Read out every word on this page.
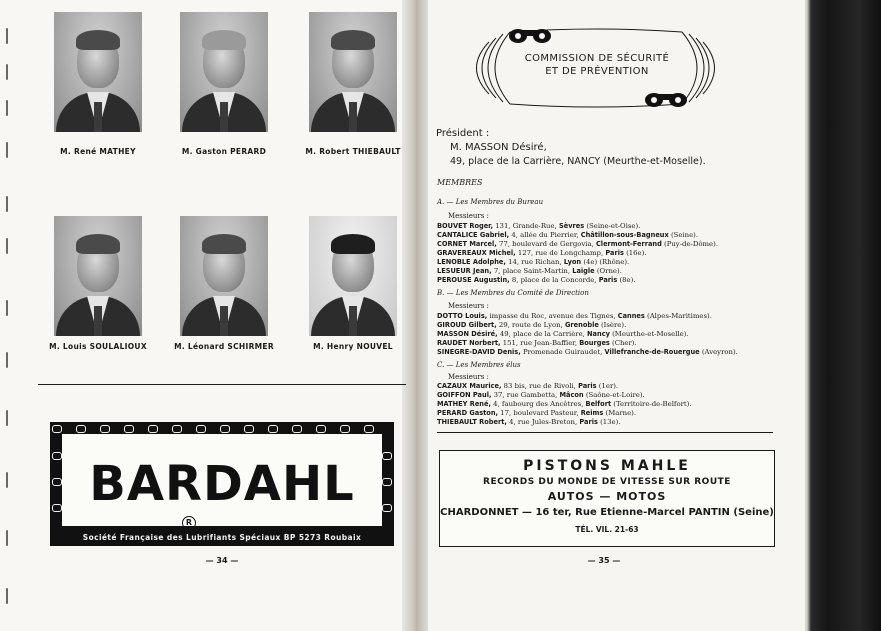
M. René MATHEY	M. Gaston PERARD	M. Robert THIEBAULT
M. Louis SOULALIOUX	M. Léonard SCHIRMER	M. Henry NOUVEL
BARDAHL
R
Société Française des Lubrifiants Spéciaux BP 5273 Roubaix
— 34 —
COMMISSION DE SÉCURITÉ
ET DE PRÉVENTION
Président :
M. MASSON Désiré,
49, place de la Carrière, NANCY (Meurthe-et-Moselle).
MEMBRES
A. — Les Membres du Bureau
Messieurs :
BOUVET Roger, 131, Grande-Rue, Sèvres (Seine-et-Oise).
CANTALICE Gabriel, 4, allée du Pierrier, Châtillon-sous-Bagneux (Seine).
CORNET Marcel, 77, boulevard de Gergovia, Clermont-Ferrand (Puy-de-Dôme).
GRAVEREAUX Michel, 127, rue de Longchamp, Paris (16e).
LENOBLE Adolphe, 14, rue Richan, Lyon (4e) (Rhône).
LESUEUR Jean, 7, place Saint-Martin, Laigle (Orne).
PEROUSE Augustin, 8, place de la Concorde, Paris (8e).
B. — Les Membres du Comité de Direction
Messieurs :
DOTTO Louis, impasse du Roc, avenue des Tignes, Cannes (Alpes-Maritimes).
GIROUD Gilbert, 29, route de Lyon, Grenoble (Isère).
MASSON Désiré, 49, place de la Carrière, Nancy (Meurthe-et-Moselle).
RAUDET Norbert, 151, rue Jean-Baffier, Bourges (Cher).
SINEGRE-DAVID Denis, Promenade Guiraudet, Villefranche-de-Rouergue (Aveyron).
C. — Les Membres élus
Messieurs :
CAZAUX Maurice, 83 bis, rue de Rivoli, Paris (1er).
GOIFFON Paul, 37, rue Gambetta, Mâcon (Saône-et-Loire).
MATHEY René, 4, faubourg des Ancêtres, Belfort (Territoire-de-Belfort).
PERARD Gaston, 17, boulevard Pasteur, Reims (Marne).
THIEBAULT Robert, 4, rue Jules-Breton, Paris (13e).
PISTONS MAHLE
RECORDS DU MONDE DE VITESSE SUR ROUTE
AUTOS — MOTOS
CHARDONNET — 16 ter, Rue Etienne-Marcel PANTIN (Seine)
TÉL. VIL. 21-63
— 35 —
